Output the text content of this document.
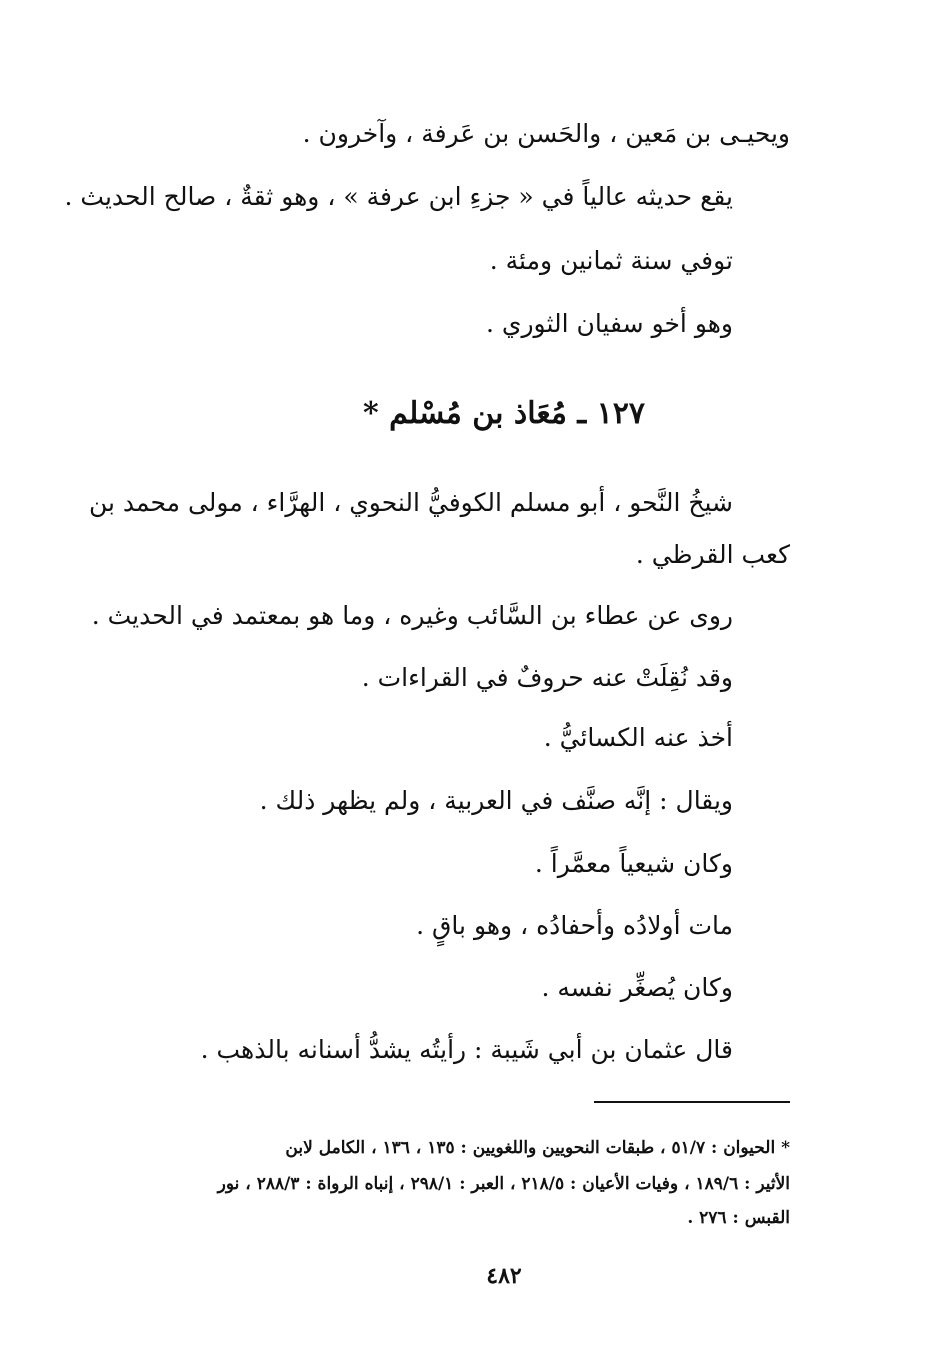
ويحيـى بن مَعين ، والحَسن بن عَرفة ، وآخرون .
يقع حديثه عالياً في « جزءِ ابن عرفة » ، وهو ثقةٌ ، صالح الحديث .
توفي سنة ثمانين ومئة .
وهو أخو سفيان الثوري .
١٢٧ ـ مُعَاذ بن مُسْلم *
شيخُ النَّحو ، أبو مسلم الكوفيُّ النحوي ، الهرَّاء ، مولى محمد بن
كعب القرظي .
روى عن عطاء بن السَّائب وغيره ، وما هو بمعتمد في الحديث .
وقد نُقِلَتْ عنه حروفٌ في القراءات .
أخذ عنه الكسائيُّ .
ويقال : إنَّه صنَّف في العربية ، ولم يظهر ذلك .
وكان شيعياً معمَّراً .
مات أولادُه وأحفادُه ، وهو باقٍ .
وكان يُصغِّر نفسه .
قال عثمان بن أبي شَيبة : رأيتُه يشدُّ أسنانه بالذهب .
* الحيوان : ٥١/٧ ، طبقات النحويين واللغويين : ١٣٥ ، ١٣٦ ، الكامل لابن
الأثير : ١٨٩/٦ ، وفيات الأعيان : ٢١٨/٥ ، العبر : ٢٩٨/١ ، إنباه الرواة : ٢٨٨/٣ ، نور
القبس : ٢٧٦ .
٤٨٢
